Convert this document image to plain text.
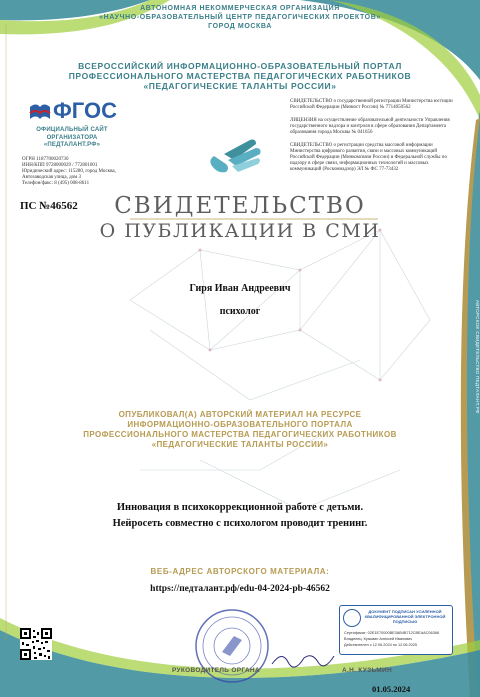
АВТОНОМНАЯ НЕКОММЕРЧЕСКАЯ ОРГАНИЗАЦИЯ
«НАУЧНО-ОБРАЗОВАТЕЛЬНЫЙ ЦЕНТР ПЕДАГОГИЧЕСКИХ ПРОЕКТОВ»
ГОРОД МОСКВА
ВСЕРОССИЙСКИЙ ИНФОРМАЦИОННО-ОБРАЗОВАТЕЛЬНЫЙ ПОРТАЛ
ПРОФЕССИОНАЛЬНОГО МАСТЕРСТВА ПЕДАГОГИЧЕСКИХ РАБОТНИКОВ
«ПЕДАГОГИЧЕСКИЕ ТАЛАНТЫ РОССИИ»
ФГОС
ОФИЦИАЛЬНЫЙ САЙТ
ОРГАНИЗАТОРА
«ПЕДТАЛАНТ.РФ»
ОГРН 1187700020730
ИНН/КПП 9728000029 / 772801001
Юридический адрес: 115280, город Москва,
Автозаводская улица, дом 3
Телефон/факс: 8 (495) 008-8611
СВИДЕТЕЛЬСТВО о государственной регистрации Министерства юстиции Российской Федерации (Минюст России) № 7714050562
ЛИЦЕНЗИЯ на осуществление образовательной деятельности Управления государственного надзора и контроля в сфере образования Департамента образования города Москвы № 041656
СВИДЕТЕЛЬСТВО о регистрации средства массовой информации Министерства цифрового развития, связи и массовых коммуникаций Российской Федерации (Минкомсвязи России) и Федеральной службы по надзору в сфере связи, информационных технологий и массовых коммуникаций (Роскомнадзор) ЭЛ № ФС 77-73432
ПС №46562	СВИДЕТЕЛЬСТВО
О ПУБЛИКАЦИИ В СМИ
Гиря Иван Андреевич
психолог
ОПУБЛИКОВАЛ(А) АВТОРСКИЙ МАТЕРИАЛ НА РЕСУРСЕ
ИНФОРМАЦИОННО-ОБРАЗОВАТЕЛЬНОГО ПОРТАЛА
ПРОФЕССИОНАЛЬНОГО МАСТЕРСТВА ПЕДАГОГИЧЕСКИХ РАБОТНИКОВ
«ПЕДАГОГИЧЕСКИЕ ТАЛАНТЫ РОССИИ»
Инновация в психокоррекционной работе с детьми.
Нейросеть совместно с психологом проводит тренинг.
ВЕБ-АДРЕС АВТОРСКОГО МАТЕРИАЛА:
https://педталант.рф/edu-04-2024-pb-46562
ДОКУМЕНТ ПОДПИСАН УСИЛЕННОЙ КВАЛИФИЦИРОВАННОЙ ЭЛЕКТРОННОЙ ПОДПИСЬЮ
Сертификат: 02E1E70000BE3AB4B712CBEAAC06368
Владелец: Кузьмин Алексей Иванович
Действителен с 12.06.2024 по 12.06.2025
РУКОВОДИТЕЛЬ ОРГАНА	А.Н. КУЗЬМИН
01.05.2024
АВТОРСКОЕ СВИДЕТЕЛЬСТВО ПЕДТАЛАНТ.РФ
